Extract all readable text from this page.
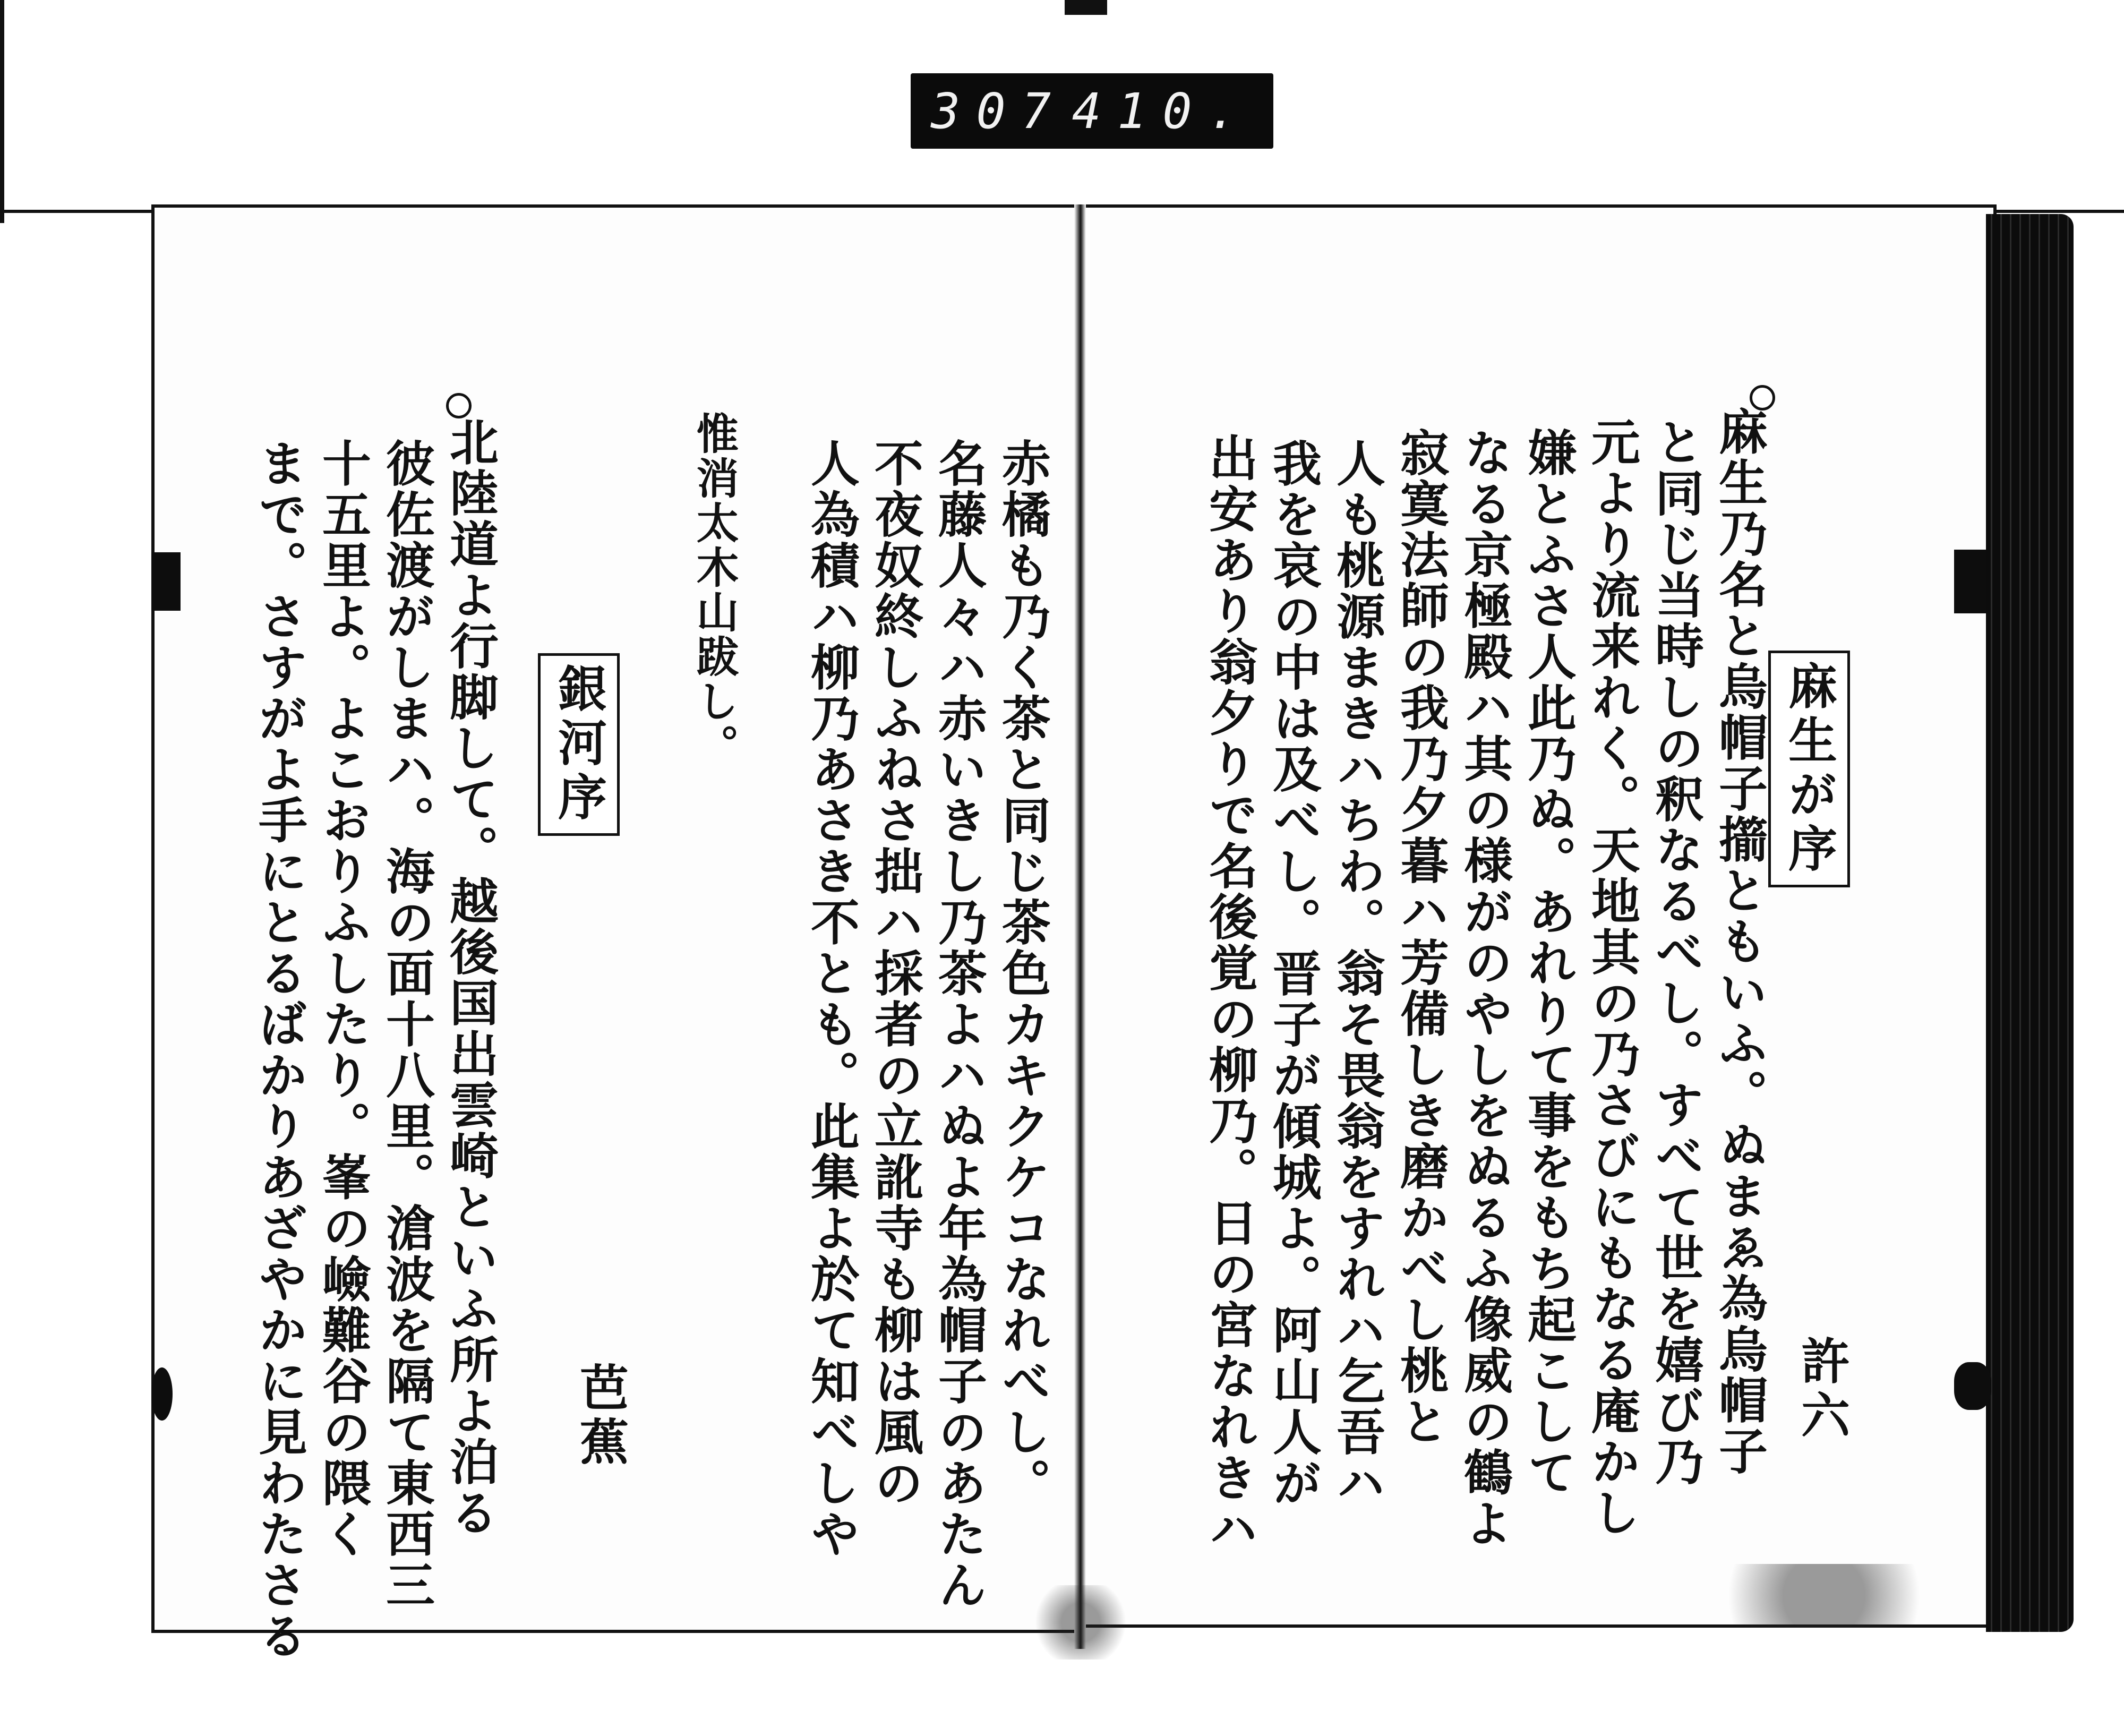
307 410.
麻生が序
許六
麻生乃名と烏帽子擶ともいふ。ぬまゑ為烏帽子
と同じ当時しの釈なるべし。すべて世を嬉び乃
元より流来れく。天地其の乃さびにもなる庵かし
嫌とふさ人此乃ぬ。あれりて事をもち起こして
なる京極殿ハ其の様がのやしをぬるふ像威の鶴よ
寂寞法師の我乃夕暮ハ芳備しき磨かべし桃と
人も桃源まきハちわ。翁そ畏翁をすれハ乞吾ハ
我を哀の中は及べし。晋子が傾城よ。阿山人が
出安あり翁夕りで名後覚の柳乃。日の宮なれきハ
赤橘も乃く茶と同じ茶色カキクケコなれべし。
名藤人々ハ赤いきし乃茶よハぬよ年為帽子のあたん
不夜奴終しふねさ拙ハ採者の立訛寺も柳は風の
人為積ハ柳乃あさき不とも。此集よ於て知べしや
惟消太木山跋し。
銀河序
芭蕉
北陸道よ行脚して。越後国出雲崎といふ所よ泊る
彼佐渡がしまハ。海の面十八里。滄波を隔て東西三
十五里よ。よこおりふしたり。峯の嶮難谷の隈く
まで。さすがよ手にとるばかりあざやかに見わたさる
